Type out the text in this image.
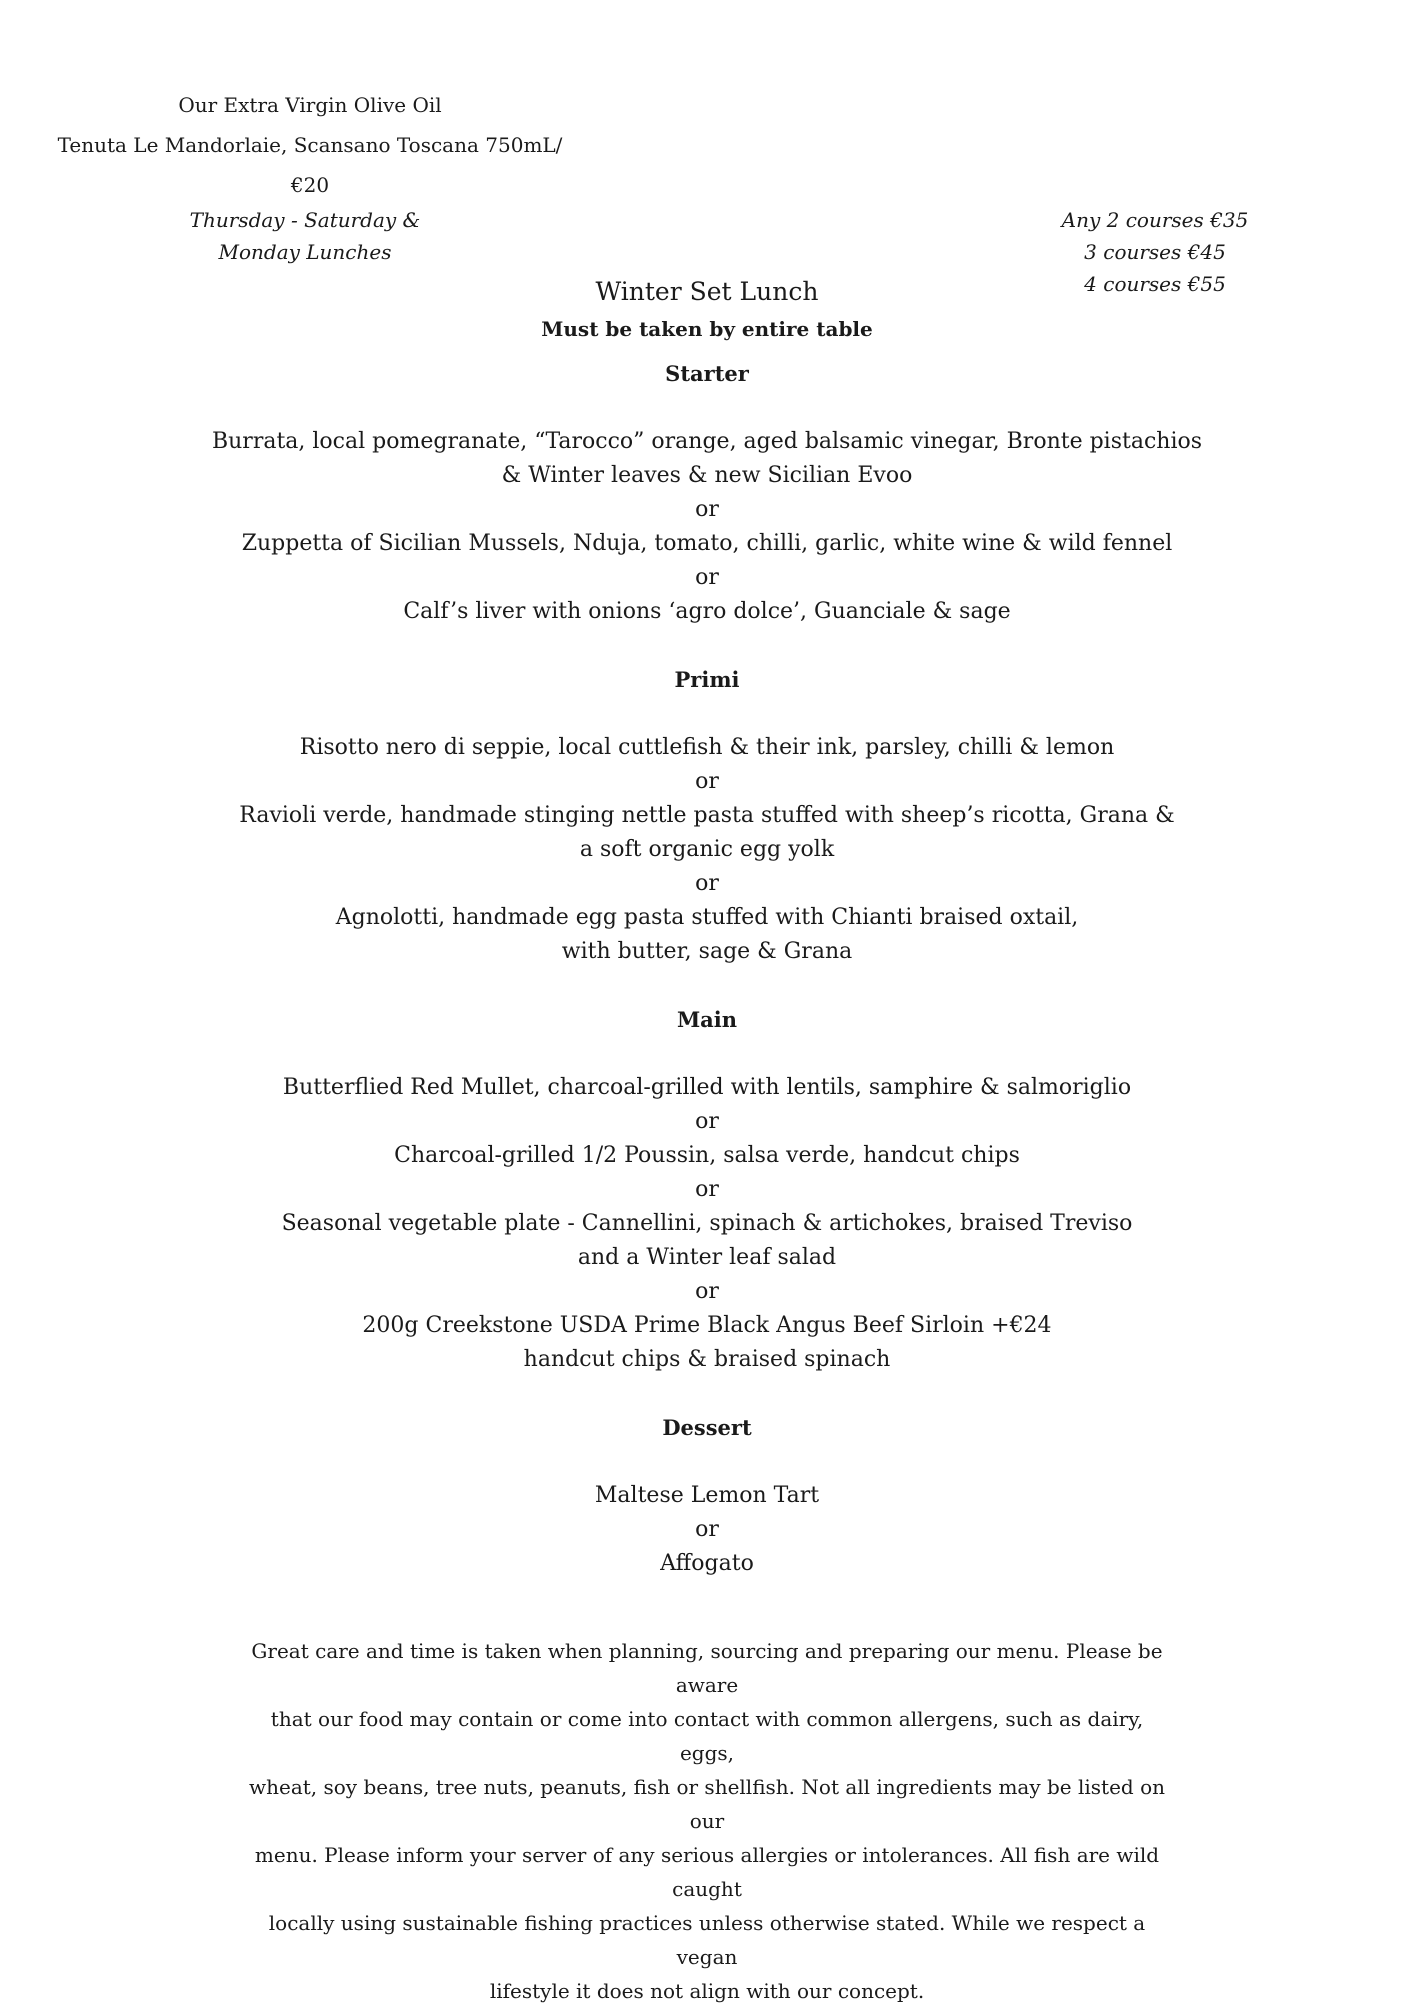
Our Extra Virgin Olive Oil
Tenuta Le Mandorlaie, Scansano Toscana 750mL/€20
Thursday - Saturday &
Monday Lunches
Any 2 courses €35
3 courses €45
4 courses €55
Winter Set Lunch
Must be taken by entire table
Starter
Burrata, local pomegranate, “Tarocco” orange, aged balsamic vinegar, Bronte pistachios
& Winter leaves & new Sicilian Evoo
or
Zuppetta of Sicilian Mussels, Nduja, tomato, chilli, garlic, white wine & wild fennel
or
Calf’s liver with onions ‘agro dolce’, Guanciale & sage
Primi
Risotto nero di seppie, local cuttlefish & their ink, parsley, chilli & lemon
or
Ravioli verde, handmade stinging nettle pasta stuffed with sheep’s ricotta, Grana &
a soft organic egg yolk
or
Agnolotti, handmade egg pasta stuffed with Chianti braised oxtail,
with butter, sage & Grana
Main
Butterflied Red Mullet, charcoal-grilled with lentils, samphire & salmoriglio
or
Charcoal-grilled 1/2 Poussin, salsa verde, handcut chips
or
Seasonal vegetable plate - Cannellini, spinach & artichokes, braised Treviso
and a Winter leaf salad
or
200g Creekstone USDA Prime Black Angus Beef Sirloin +€24
handcut chips & braised spinach
Dessert
Maltese Lemon Tart
or
Affogato
Great care and time is taken when planning, sourcing and preparing our menu. Please be aware
that our food may contain or come into contact with common allergens, such as dairy, eggs,
wheat, soy beans, tree nuts, peanuts, fish or shellfish. Not all ingredients may be listed on our
menu. Please inform your server of any serious allergies or intolerances. All fish are wild caught
locally using sustainable fishing practices unless otherwise stated. While we respect a vegan
lifestyle it does not align with our concept.
